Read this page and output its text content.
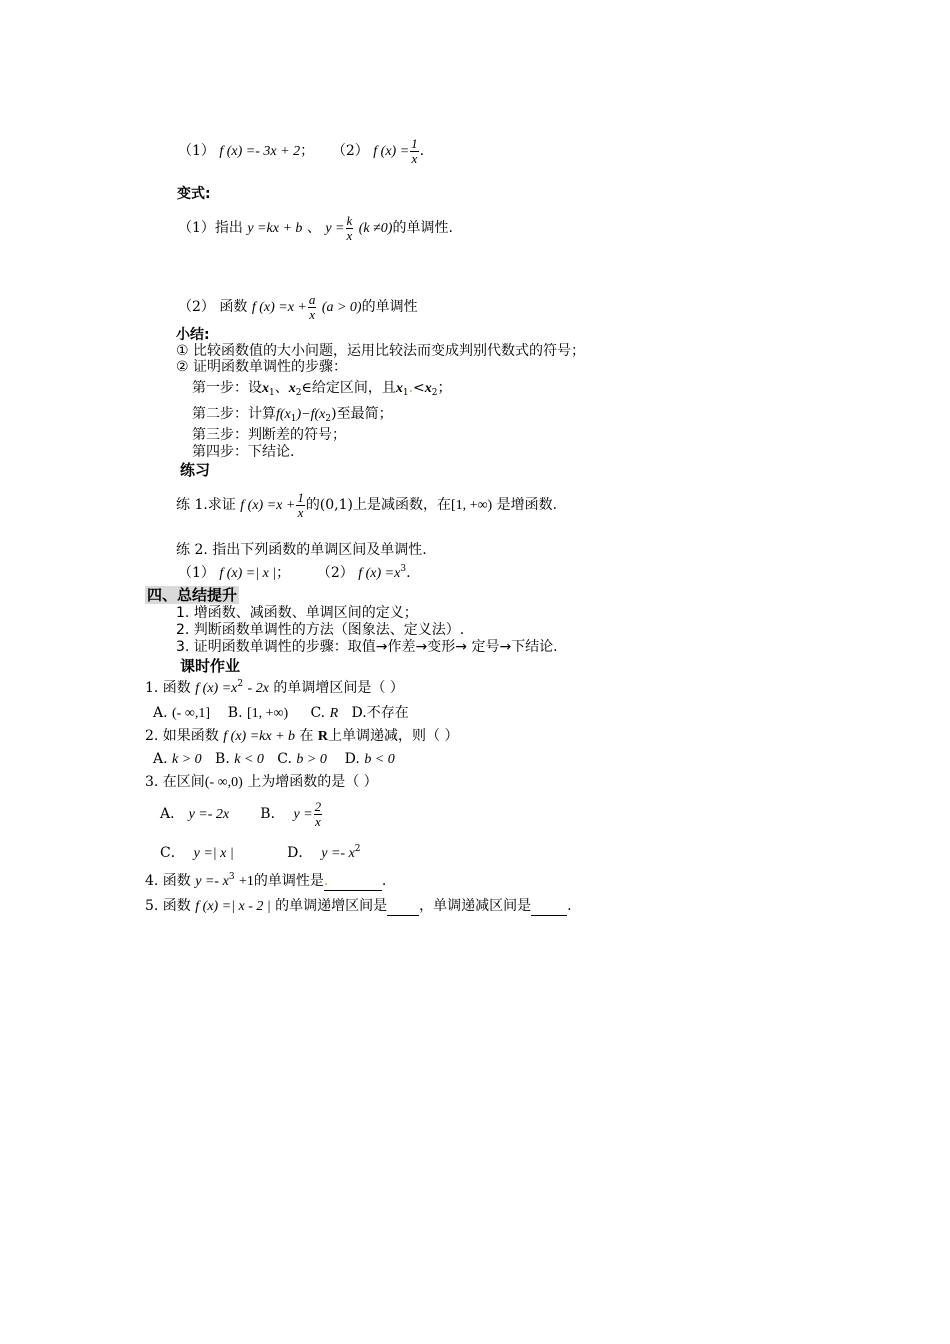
（1） f (x) =- 3x + 2； （2） f $(x) = \frac{1}{x}$ .
变式:
（1）指出 y =kx + b 、 $y = \frac{k}{x} (k \ne 0)$的单调性.
（2） 函数 f $(x) =x + \frac{a}{x} (a > 0)$的单调性
小结:
① 比较函数值的大小问题，运用比较法而变成判别代数式的符号；
② 证明函数单调性的步骤：
第一步：设$x_1$、$x_2\in$给定区间，且$x_1.<x_2$；
第二步：计算$f(x_1)-f(x_2)$至最简；
第三步：判断差的符号；
第四步：下结论.
练习
练 1.求证 f $(x) =x + \frac{1}{x}$ 的(0,1)上是减函数，在[1, +∞) 是增函数.
练 2. 指出下列函数的单调区间及单调性.
（1） f (x) =| x |； （2） f $(x) =x^3$.
四、总结提升
1. 增函数、减函数、单调区间的定义；
2. 判断函数单调性的方法（图象法、定义法）.
3. 证明函数单调性的步骤：取值→作差→变形→ 定号→下结论.
课时作业
1. 函数 f $(x) =x^2 - 2x$ 的单调增区间是（ ）
A. (- ∞,1] B. [1, +∞) C. R D.不存在
2. 如果函数 f (x) =kx + b 在 R上单调递减，则（ ）
A. k > 0 B. k < 0 C. b > 0 D. b < 0
3. 在区间(- ∞,0) 上为增函数的是（ ）
A． y =- 2x B． $y = \frac{2}{x}$
C． y =| x |	D． $y =- x^2$
4. 函数 $y =- x^3 +1$的单调性是.	.
5. 函数 f (x) =| x - 2 | 的单调递增区间是 ，单调递减区间是	.
